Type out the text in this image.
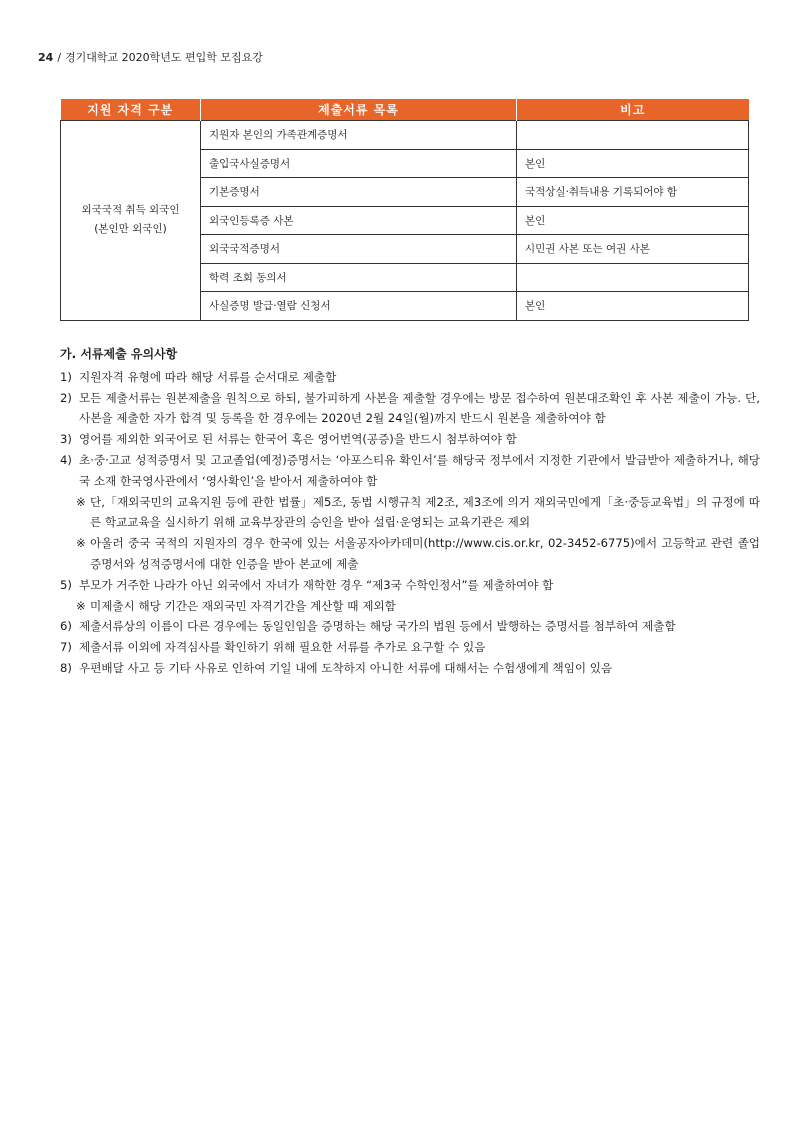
24 / 경기대학교 2020학년도 편입학 모집요강
지원 자격 구분	제출서류 목록	비고

외국국적 취득 외국인
(본인만 외국인)	지원자 본인의 가족관계증명서	
	출입국사실증명서	본인
	기본증명서	국적상실·취득내용 기록되어야 함
	외국인등록증 사본	본인
	외국국적증명서	시민권 사본 또는 여권 사본
	학력 조회 동의서	
	사실증명 발급·열람 신청서	본인
가. 서류제출 유의사항
1) 지원자격 유형에 따라 해당 서류를 순서대로 제출함
2) 모든 제출서류는 원본제출을 원칙으로 하되, 불가피하게 사본을 제출할 경우에는 방문 접수하여 원본대조확인 후 사본 제출이 가능. 단, 사본을 제출한 자가 합격 및 등록을 한 경우에는 2020년 2월 24일(월)까지 반드시 원본을 제출하여야 함
3) 영어를 제외한 외국어로 된 서류는 한국어 혹은 영어번역(공증)을 반드시 첨부하여야 함
4) 초·중·고교 성적증명서 및 고교졸업(예정)증명서는 ‘아포스티유 확인서’를 해당국 정부에서 지정한 기관에서 발급받아 제출하거나, 해당국 소재 한국영사관에서 ‘영사확인’을 받아서 제출하여야 함
※ 단,「재외국민의 교육지원 등에 관한 법률」제5조, 동법 시행규칙 제2조, 제3조에 의거 재외국민에게「초·중등교육법」의 규정에 따른 학교교육을 실시하기 위해 교육부장관의 승인을 받아 설립·운영되는 교육기관은 제외
※ 아울러 중국 국적의 지원자의 경우 한국에 있는 서울공자아카데미(http://www.cis.or.kr, 02-3452-6775)에서 고등학교 관련 졸업증명서와 성적증명서에 대한 인증을 받아 본교에 제출
5) 부모가 거주한 나라가 아닌 외국에서 자녀가 재학한 경우 “제3국 수학인정서”를 제출하여야 함
※ 미제출시 해당 기간은 재외국민 자격기간을 계산할 때 제외함
6) 제출서류상의 이름이 다른 경우에는 동일인임을 증명하는 해당 국가의 법원 등에서 발행하는 증명서를 첨부하여 제출함
7) 제출서류 이외에 자격심사를 확인하기 위해 필요한 서류를 추가로 요구할 수 있음
8) 우편배달 사고 등 기타 사유로 인하여 기일 내에 도착하지 아니한 서류에 대해서는 수험생에게 책임이 있음
